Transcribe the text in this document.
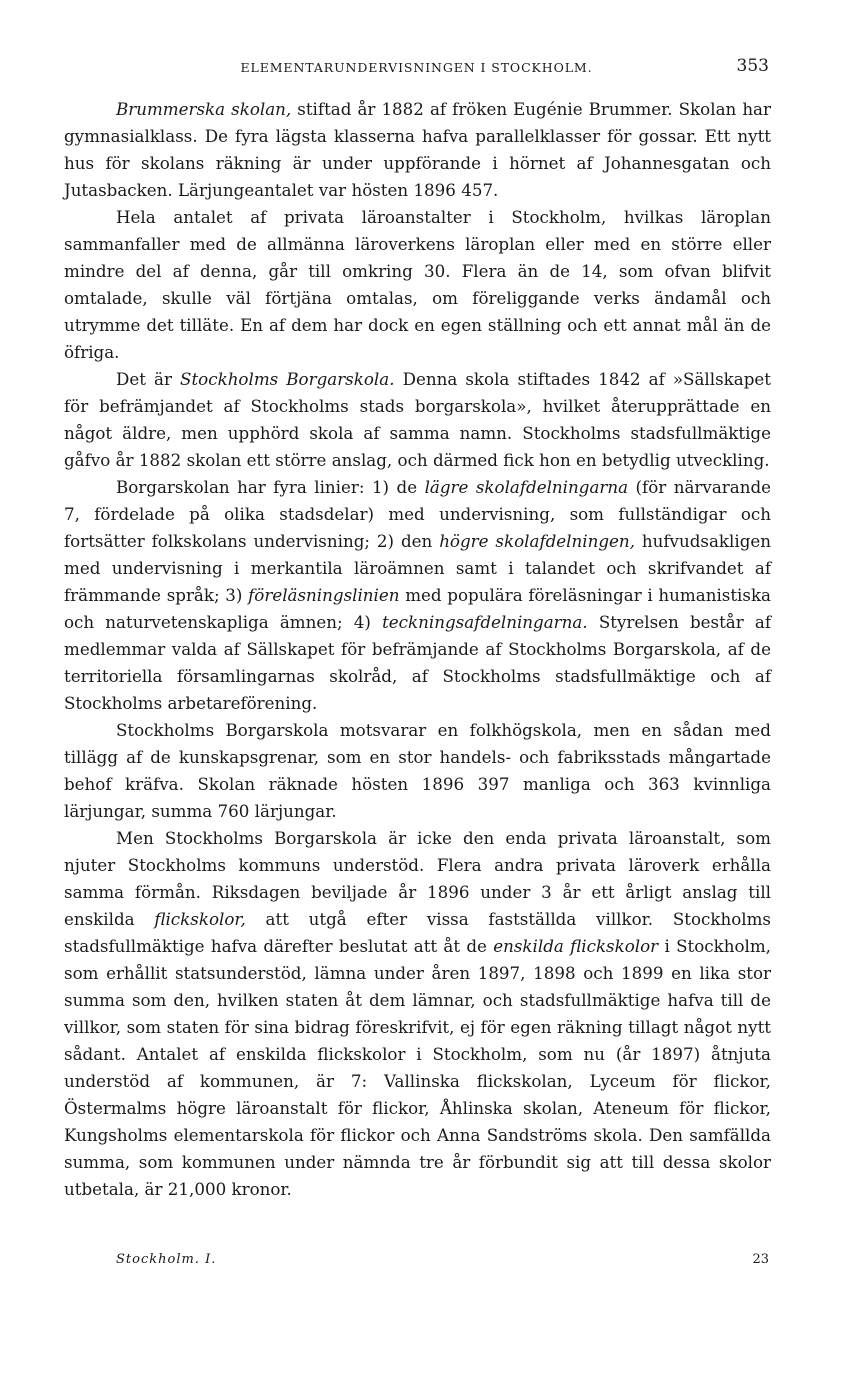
ELEMENTARUNDERVISNINGEN I STOCKHOLM.	353

Brummerska skolan, stiftad år 1882 af fröken Eugénie Brummer. Skolan har gymnasialklass. De fyra lägsta klasserna hafva parallelklasser för gossar. Ett nytt hus för skolans räkning är under uppförande i hörnet af Johannesgatan och Jutasbacken. Lärjungeantalet var hösten 1896 457.

Hela antalet af privata läroanstalter i Stockholm, hvilkas läroplan sammanfaller med de allmänna läroverkens läroplan eller med en större eller mindre del af denna, går till omkring 30. Flera än de 14, som ofvan blifvit omtalade, skulle väl förtjäna omtalas, om föreliggande verks ändamål och utrymme det tilläte. En af dem har dock en egen ställning och ett annat mål än de öfriga.

Det är Stockholms Borgarskola. Denna skola stiftades 1842 af »Sällskapet för befrämjandet af Stockholms stads borgarskola», hvilket återupprättade en något äldre, men upphörd skola af samma namn. Stockholms stadsfullmäktige gåfvo år 1882 skolan ett större anslag, och därmed fick hon en betydlig utveckling.

Borgarskolan har fyra linier: 1) de lägre skolafdelningarna (för närvarande 7, fördelade på olika stadsdelar) med undervisning, som fullständigar och fortsätter folkskolans undervisning; 2) den högre skolafdelningen, hufvudsakligen med undervisning i merkantila läroämnen samt i talandet och skrifvandet af främmande språk; 3) föreläsningslinien med populära föreläsningar i humanistiska och naturvetenskapliga ämnen; 4) teckningsafdelningarna. Styrelsen består af medlemmar valda af Sällskapet för befrämjande af Stockholms Borgarskola, af de territoriella församlingarnas skolråd, af Stockholms stadsfullmäktige och af Stockholms arbetareförening.

Stockholms Borgarskola motsvarar en folkhögskola, men en sådan med tillägg af de kunskapsgrenar, som en stor handels- och fabriksstads mångartade behof kräfva. Skolan räknade hösten 1896 397 manliga och 363 kvinnliga lärjungar, summa 760 lärjungar.

Men Stockholms Borgarskola är icke den enda privata läroanstalt, som njuter Stockholms kommuns understöd. Flera andra privata läroverk erhålla samma förmån. Riksdagen beviljade år 1896 under 3 år ett årligt anslag till enskilda flickskolor, att utgå efter vissa fastställda villkor. Stockholms stadsfullmäktige hafva därefter beslutat att åt de enskilda flickskolor i Stockholm, som erhållit statsunderstöd, lämna under åren 1897, 1898 och 1899 en lika stor summa som den, hvilken staten åt dem lämnar, och stadsfullmäktige hafva till de villkor, som staten för sina bidrag föreskrifvit, ej för egen räkning tillagt något nytt sådant. Antalet af enskilda flickskolor i Stockholm, som nu (år 1897) åtnjuta understöd af kommunen, är 7: Vallinska flickskolan, Lyceum för flickor, Östermalms högre läroanstalt för flickor, Åhlinska skolan, Ateneum för flickor, Kungsholms elementarskola för flickor och Anna Sandströms skola. Den samfällda summa, som kommunen under nämnda tre år förbundit sig att till dessa skolor utbetala, är 21,000 kronor.

Stockholm. I.	23
